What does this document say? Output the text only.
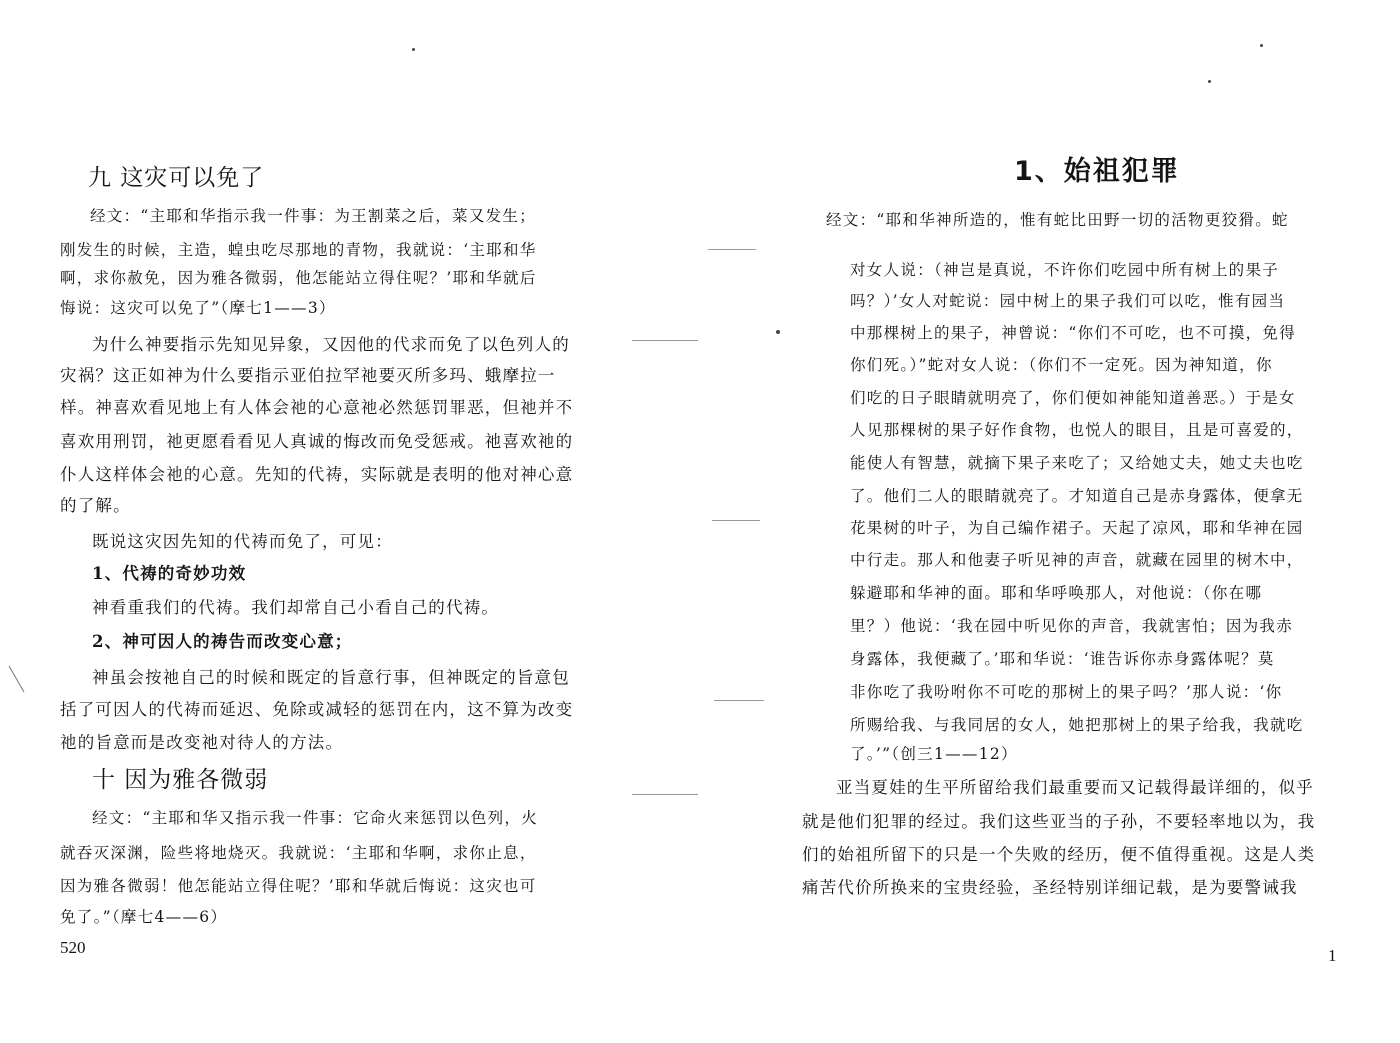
九 这灾可以免了
经文：“主耶和华指示我一件事：为王割菜之后，菜又发生；
刚发生的时候，主造，蝗虫吃尽那地的青物，我就说：‘主耶和华
啊，求你赦免，因为雅各微弱，他怎能站立得住呢？’耶和华就后
悔说：这灾可以免了”（摩七1——3）
为什么神要指示先知见异象，又因他的代求而免了以色列人的
灾祸？这正如神为什么要指示亚伯拉罕祂要灭所多玛、蛾摩拉一
样。神喜欢看见地上有人体会祂的心意祂必然惩罚罪恶，但祂并不
喜欢用刑罚，祂更愿看看见人真诚的悔改而免受惩戒。祂喜欢祂的
仆人这样体会祂的心意。先知的代祷，实际就是表明的他对神心意
的了解。
既说这灾因先知的代祷而免了，可见：
1、代祷的奇妙功效
神看重我们的代祷。我们却常自己小看自己的代祷。
2、神可因人的祷告而改变心意；
神虽会按祂自己的时候和既定的旨意行事，但神既定的旨意包
括了可因人的代祷而延迟、免除或减轻的惩罚在内，这不算为改变
祂的旨意而是改变祂对待人的方法。
十 因为雅各微弱
经文：“主耶和华又指示我一件事：它命火来惩罚以色列，火
就吞灭深渊，险些将地烧灭。我就说：‘主耶和华啊，求你止息，
因为雅各微弱！他怎能站立得住呢？’耶和华就后悔说：这灾也可
免了。”（摩七4——6）
520
1、始祖犯罪
经文：“耶和华神所造的，惟有蛇比田野一切的活物更狡猾。蛇
对女人说：（神岂是真说，不许你们吃园中所有树上的果子
吗？）’女人对蛇说：园中树上的果子我们可以吃，惟有园当
中那棵树上的果子，神曾说：“你们不可吃，也不可摸，免得
你们死。）”蛇对女人说：（你们不一定死。因为神知道，你
们吃的日子眼睛就明亮了，你们便如神能知道善恶。）于是女
人见那棵树的果子好作食物，也悦人的眼目，且是可喜爱的，
能使人有智慧，就摘下果子来吃了；又给她丈夫，她丈夫也吃
了。他们二人的眼睛就亮了。才知道自己是赤身露体，便拿无
花果树的叶子，为自己编作裙子。天起了凉风，耶和华神在园
中行走。那人和他妻子听见神的声音，就藏在园里的树木中，
躲避耶和华神的面。耶和华呼唤那人，对他说：（你在哪
里？）他说：‘我在园中听见你的声音，我就害怕；因为我赤
身露体，我便藏了。’耶和华说：‘谁告诉你赤身露体呢？莫
非你吃了我吩咐你不可吃的那树上的果子吗？’那人说：‘你
所赐给我、与我同居的女人，她把那树上的果子给我，我就吃
了。’”（创三1——12）
亚当夏娃的生平所留给我们最重要而又记载得最详细的，似乎
就是他们犯罪的经过。我们这些亚当的子孙，不要轻率地以为，我
们的始祖所留下的只是一个失败的经历，便不值得重视。这是人类
痛苦代价所换来的宝贵经验，圣经特别详细记载，是为要警诫我
1
